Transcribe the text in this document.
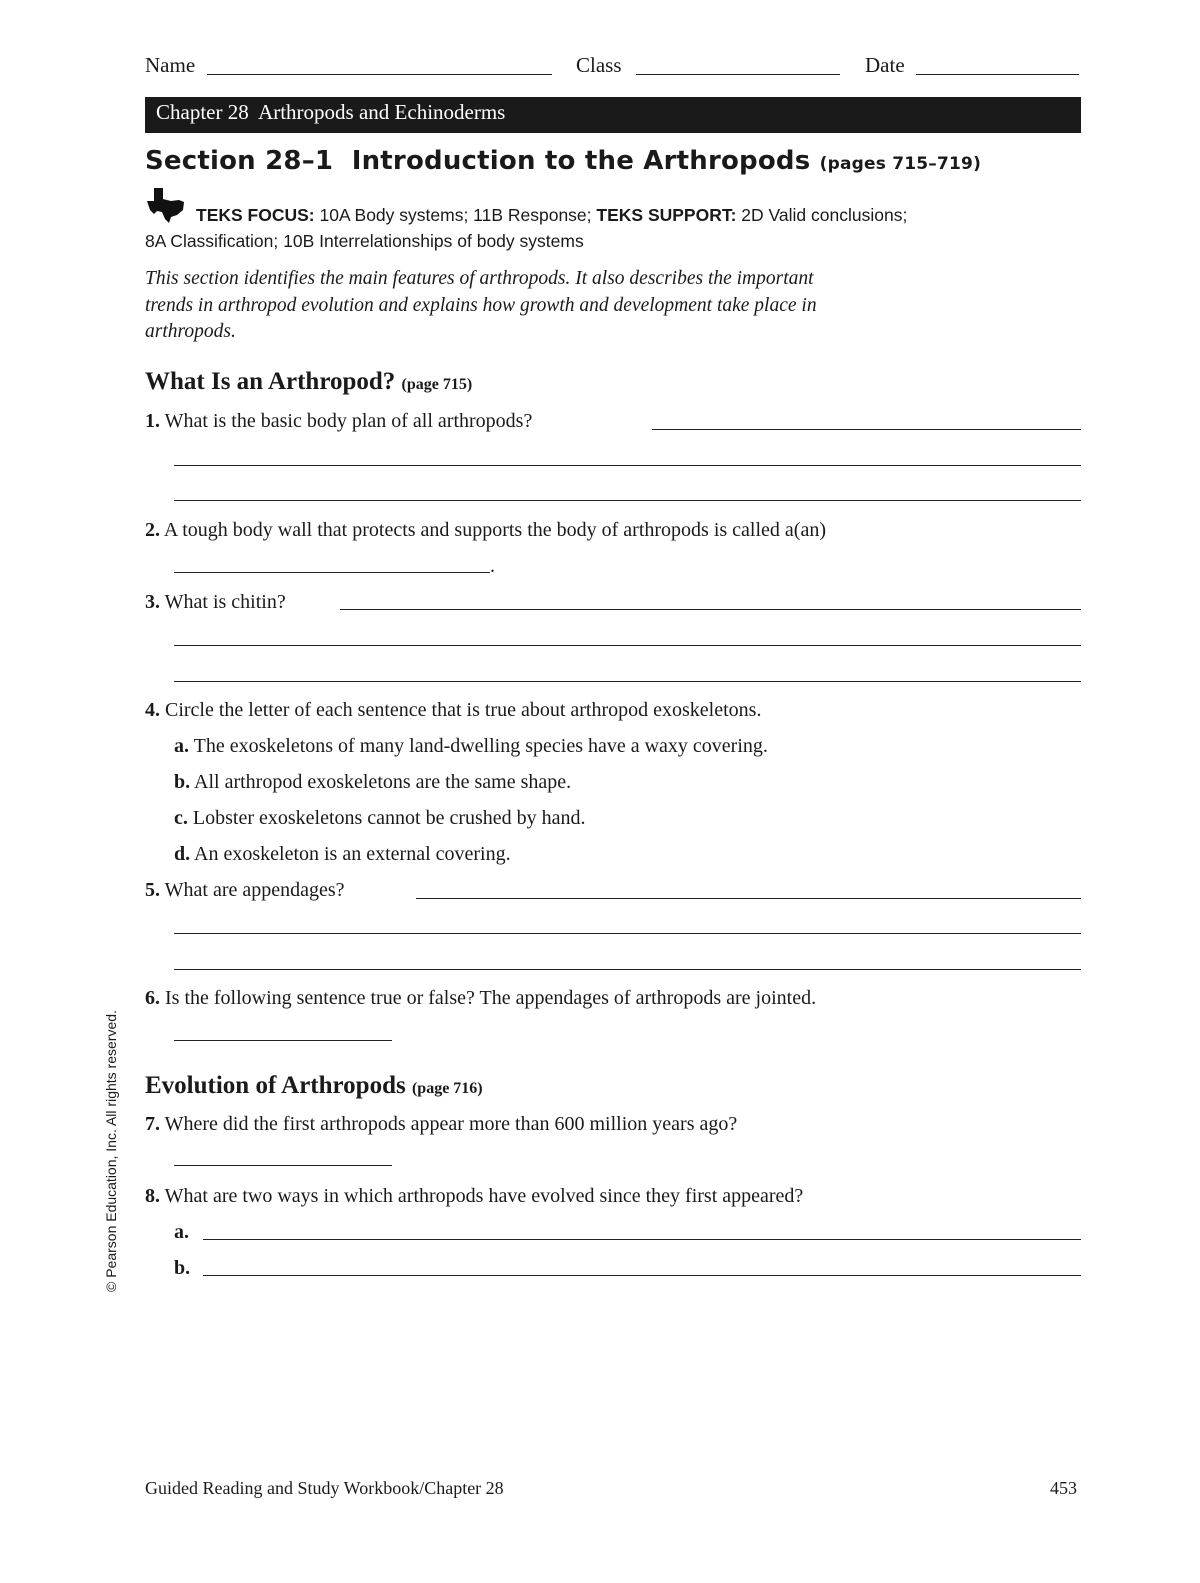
Name	Class	Date
Chapter 28  Arthropods and Echinoderms
Section 28–1  Introduction to the Arthropods (pages 715–719)
TEKS FOCUS: 10A Body systems; 11B Response; TEKS SUPPORT: 2D Valid conclusions;
8A Classification; 10B Interrelationships of body systems
This section identifies the main features of arthropods. It also describes the important trends in arthropod evolution and explains how growth and development take place in arthropods.
What Is an Arthropod? (page 715)
1. What is the basic body plan of all arthropods?
2. A tough body wall that protects and supports the body of arthropods is called a(an)
.
3. What is chitin?
4. Circle the letter of each sentence that is true about arthropod exoskeletons.
a. The exoskeletons of many land-dwelling species have a waxy covering.
b. All arthropod exoskeletons are the same shape.
c. Lobster exoskeletons cannot be crushed by hand.
d. An exoskeleton is an external covering.
5. What are appendages?
6. Is the following sentence true or false? The appendages of arthropods are jointed.
Evolution of Arthropods (page 716)
7. Where did the first arthropods appear more than 600 million years ago?
8. What are two ways in which arthropods have evolved since they first appeared?
a.
b.
© Pearson Education, Inc. All rights reserved.
Guided Reading and Study Workbook/Chapter 28	453
